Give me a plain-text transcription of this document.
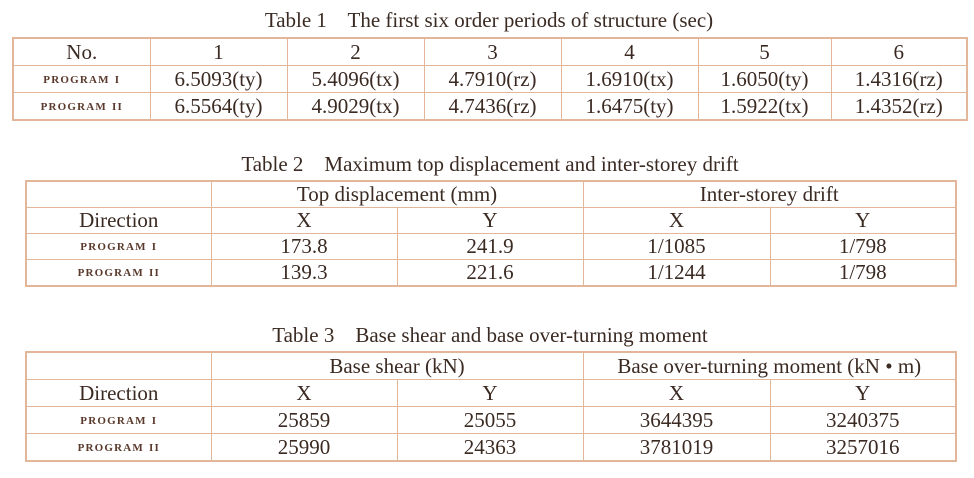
Table 1    The first six order periods of structure (sec)
No.	1	2	3	4	5	6
program i	6.5093(ty)	5.4096(tx)	4.7910(rz)	1.6910(tx)	1.6050(ty)	1.4316(rz)
program ii	6.5564(ty)	4.9029(tx)	4.7436(rz)	1.6475(ty)	1.5922(tx)	1.4352(rz)
Table 2    Maximum top displacement and inter-storey drift
	Top displacement (mm)		Inter-storey drift	
Direction	X	Y	X	Y
program i	173.8	241.9	1/1085	1/798
program ii	139.3	221.6	1/1244	1/798
Table 3    Base shear and base over-turning moment
	Base shear (kN)		Base over-turning moment (kN • m)	
Direction	X	Y	X	Y
program i	25859	25055	3644395	3240375
program ii	25990	24363	3781019	3257016
